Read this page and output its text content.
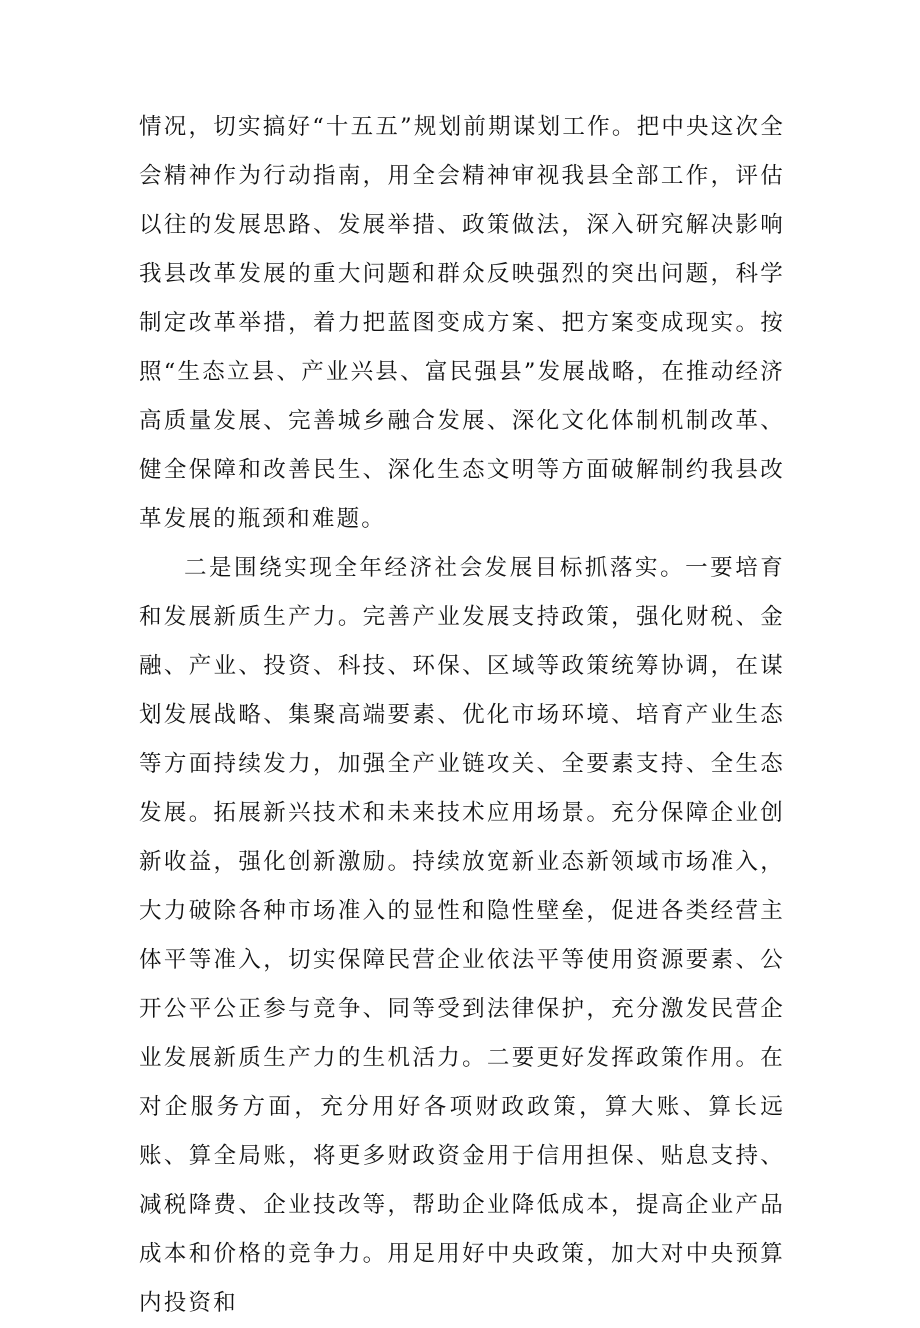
情况，切实搞好“十五五”规划前期谋划工作。把中央这次全会精神作为行动指南，用全会精神审视我县全部工作，评估以往的发展思路、发展举措、政策做法，深入研究解决影响我县改革发展的重大问题和群众反映强烈的突出问题，科学制定改革举措，着力把蓝图变成方案、把方案变成现实。按照“生态立县、产业兴县、富民强县”发展战略，在推动经济高质量发展、完善城乡融合发展、深化文化体制机制改革、健全保障和改善民生、深化生态文明等方面破解制约我县改革发展的瓶颈和难题。

二是围绕实现全年经济社会发展目标抓落实。一要培育和发展新质生产力。完善产业发展支持政策，强化财税、金融、产业、投资、科技、环保、区域等政策统筹协调，在谋划发展战略、集聚高端要素、优化市场环境、培育产业生态等方面持续发力，加强全产业链攻关、全要素支持、全生态发展。拓展新兴技术和未来技术应用场景。充分保障企业创新收益，强化创新激励。持续放宽新业态新领域市场准入，大力破除各种市场准入的显性和隐性壁垒，促进各类经营主体平等准入，切实保障民营企业依法平等使用资源要素、公开公平公正参与竞争、同等受到法律保护，充分激发民营企业发展新质生产力的生机活力。二要更好发挥政策作用。在对企服务方面，充分用好各项财政政策，算大账、算长远账、算全局账，将更多财政资金用于信用担保、贴息支持、减税降费、企业技改等，帮助企业降低成本，提高企业产品成本和价格的竞争力。用足用好中央政策，加大对中央预算内投资和
